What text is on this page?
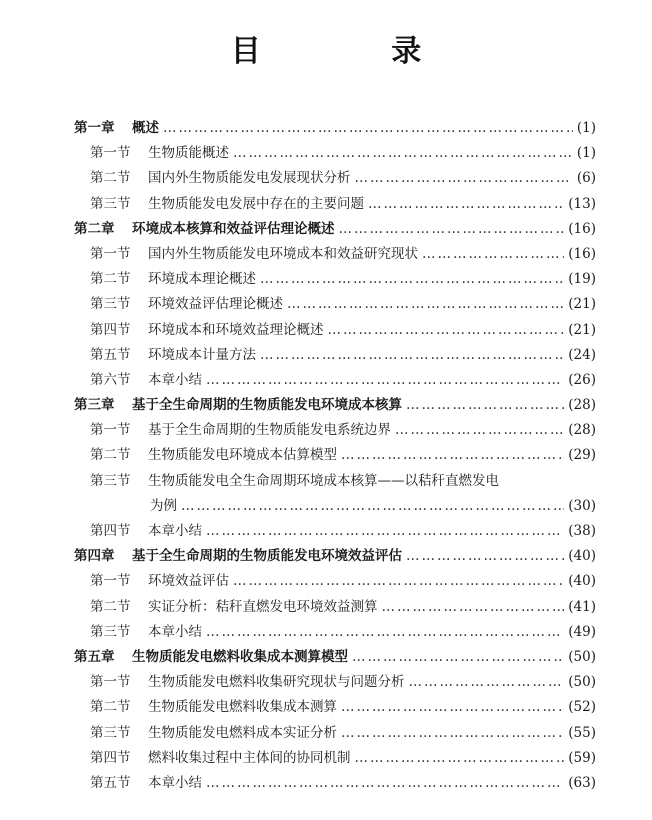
目 录
第一章	概述 …………………………………………………………………………………………………………………………………………………………………………………	(1)
第一节	生物质能概述 …………………………………………………………………………………………………………………………………………………………………………………	(1)
第二节	国内外生物质能发电发展现状分析 …………………………………………………………………………………………………………………………………………………………………………………	(6)
第三节	生物质能发电发展中存在的主要问题 …………………………………………………………………………………………………………………………………………………………………………………	(13)
第二章	环境成本核算和效益评估理论概述 …………………………………………………………………………………………………………………………………………………………………………………	(16)
第一节	国内外生物质能发电环境成本和效益研究现状 …………………………………………………………………………………………………………………………………………………………………………………	(16)
第二节	环境成本理论概述 …………………………………………………………………………………………………………………………………………………………………………………	(19)
第三节	环境效益评估理论概述 …………………………………………………………………………………………………………………………………………………………………………………	(21)
第四节	环境成本和环境效益理论概述 …………………………………………………………………………………………………………………………………………………………………………………	(21)
第五节	环境成本计量方法 …………………………………………………………………………………………………………………………………………………………………………………	(24)
第六节	本章小结 …………………………………………………………………………………………………………………………………………………………………………………	(26)
第三章	基于全生命周期的生物质能发电环境成本核算 …………………………………………………………………………………………………………………………………………………………………………………	(28)
第一节	基于全生命周期的生物质能发电系统边界 …………………………………………………………………………………………………………………………………………………………………………………	(28)
第二节	生物质能发电环境成本估算模型 …………………………………………………………………………………………………………………………………………………………………………………	(29)
第三节	生物质能发电全生命周期环境成本核算——以秸秆直燃发电
为例 …………………………………………………………………………………………………………………………………………………………………………………	(30)
第四节	本章小结 …………………………………………………………………………………………………………………………………………………………………………………	(38)
第四章	基于全生命周期的生物质能发电环境效益评估 …………………………………………………………………………………………………………………………………………………………………………………	(40)
第一节	环境效益评估 …………………………………………………………………………………………………………………………………………………………………………………	(40)
第二节	实证分析：秸秆直燃发电环境效益测算 …………………………………………………………………………………………………………………………………………………………………………………	(41)
第三节	本章小结 …………………………………………………………………………………………………………………………………………………………………………………	(49)
第五章	生物质能发电燃料收集成本测算模型 …………………………………………………………………………………………………………………………………………………………………………………	(50)
第一节	生物质能发电燃料收集研究现状与问题分析 …………………………………………………………………………………………………………………………………………………………………………………	(50)
第二节	生物质能发电燃料收集成本测算 …………………………………………………………………………………………………………………………………………………………………………………	(52)
第三节	生物质能发电燃料成本实证分析 …………………………………………………………………………………………………………………………………………………………………………………	(55)
第四节	燃料收集过程中主体间的协同机制 …………………………………………………………………………………………………………………………………………………………………………………	(59)
第五节	本章小结 …………………………………………………………………………………………………………………………………………………………………………………	(63)
